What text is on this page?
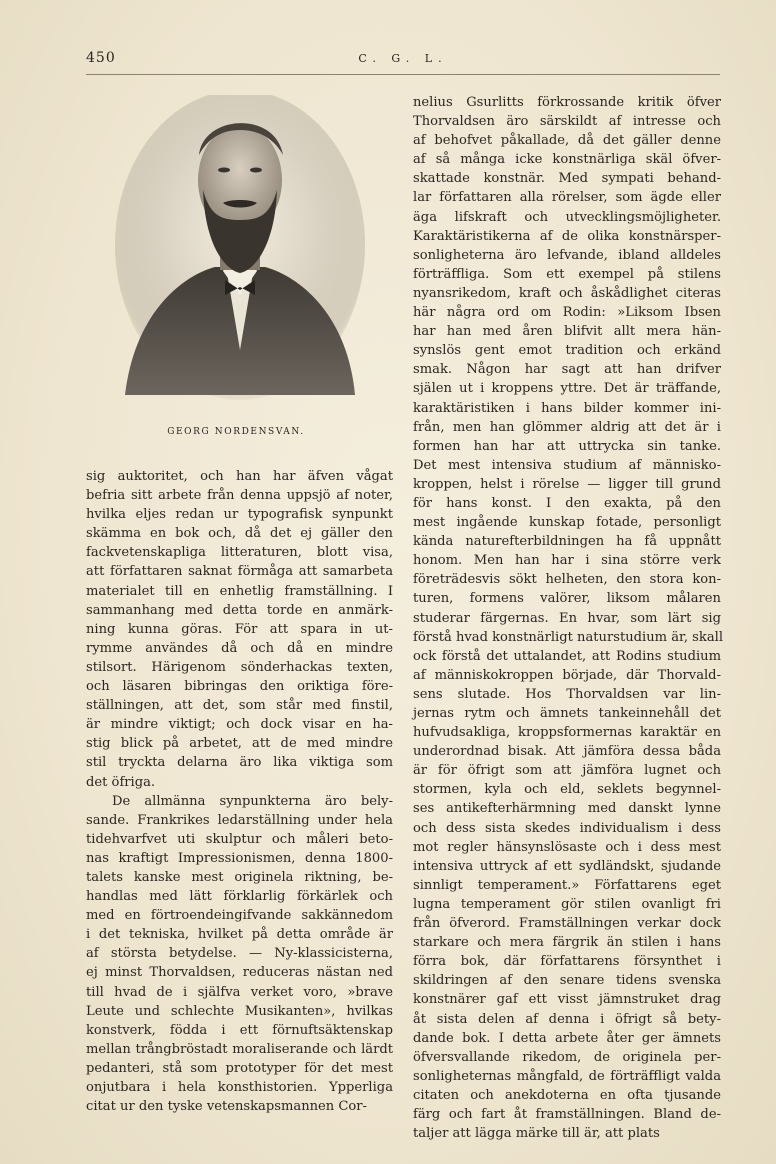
450	C. G. L.
GEORG NORDENSVAN.
sig auktoritet, och han har äfven vågat
befria sitt arbete från denna uppsjö af noter,
hvilka eljes redan ur typografisk synpunkt
skämma en bok och, då det ej gäller den
fackvetenskapliga litteraturen, blott visa,
att författaren saknat förmåga att samarbeta
materialet till en enhetlig framställning. I
sammanhang med detta torde en anmärk-
ning kunna göras. För att spara in ut-
rymme användes då och då en mindre
stilsort. Härigenom sönderhackas texten,
och läsaren bibringas den oriktiga före-
ställningen, att det, som står med finstil,
är mindre viktigt; och dock visar en ha-
stig blick på arbetet, att de med mindre
stil tryckta delarna äro lika viktiga som
det öfriga.
De allmänna synpunkterna äro bely-
sande. Frankrikes ledarställning under hela
tidehvarfvet uti skulptur och måleri beto-
nas kraftigt Impressionismen, denna 1800-
talets kanske mest originela riktning, be-
handlas med lätt förklarlig förkärlek och
med en förtroendeingifvande sakkännedom
i det tekniska, hvilket på detta område är
af största betydelse. — Ny-klassicisterna,
ej minst Thorvaldsen, reduceras nästan ned
till hvad de i själfva verket voro, »brave
Leute und schlechte Musikanten», hvilkas
konstverk, födda i ett förnuftsäktenskap
mellan trångbröstadt moraliserande och lärdt
pedanteri, stå som prototyper för det mest
onjutbara i hela konsthistorien. Ypperliga
citat ur den tyske vetenskapsmannen Cor-
nelius Gsurlitts förkrossande kritik öfver
Thorvaldsen äro särskildt af intresse och
af behofvet påkallade, då det gäller denne
af så många icke konstnärliga skäl öfver-
skattade konstnär. Med sympati behand-
lar författaren alla rörelser, som ägde eller
äga lifskraft och utvecklingsmöjligheter.
Karaktäristikerna af de olika konstnärsper-
sonligheterna äro lefvande, ibland alldeles
förträffliga. Som ett exempel på stilens
nyansrikedom, kraft och åskådlighet citeras
här några ord om Rodin: »Liksom Ibsen
har han med åren blifvit allt mera hän-
synslös gent emot tradition och erkänd
smak. Någon har sagt att han drifver
själen ut i kroppens yttre. Det är träffande,
karaktäristiken i hans bilder kommer ini-
från, men han glömmer aldrig att det är i
formen han har att uttrycka sin tanke.
Det mest intensiva studium af människo-
kroppen, helst i rörelse — ligger till grund
för hans konst. I den exakta, på den
mest ingående kunskap fotade, personligt
kända naturefterbildningen ha få uppnått
honom. Men han har i sina större verk
företrädesvis sökt helheten, den stora kon-
turen, formens valörer, liksom målaren
studerar färgernas. En hvar, som lärt sig
förstå hvad konstnärligt naturstudium är, skall
ock förstå det uttalandet, att Rodins studium
af människokroppen började, där Thorvald-
sens slutade. Hos Thorvaldsen var lin-
jernas rytm och ämnets tankeinnehåll det
hufvudsakliga, kroppsformernas karaktär en
underordnad bisak. Att jämföra dessa båda
är för öfrigt som att jämföra lugnet och
stormen, kyla och eld, seklets begynnel-
ses antikefterhärmning med danskt lynne
och dess sista skedes individualism i dess
mot regler hänsynslösaste och i dess mest
intensiva uttryck af ett sydländskt, sjudande
sinnligt temperament.» Författarens eget
lugna temperament gör stilen ovanligt fri
från öfverord. Framställningen verkar dock
starkare och mera färgrik än stilen i hans
förra bok, där författarens försynthet i
skildringen af den senare tidens svenska
konstnärer gaf ett visst jämnstruket drag
åt sista delen af denna i öfrigt så bety-
dande bok. I detta arbete åter ger ämnets
öfversvallande rikedom, de originela per-
sonligheternas mångfald, de förträffligt valda
citaten och anekdoterna en ofta tjusande
färg och fart åt framställningen. Bland de-
taljer att lägga märke till är, att plats
